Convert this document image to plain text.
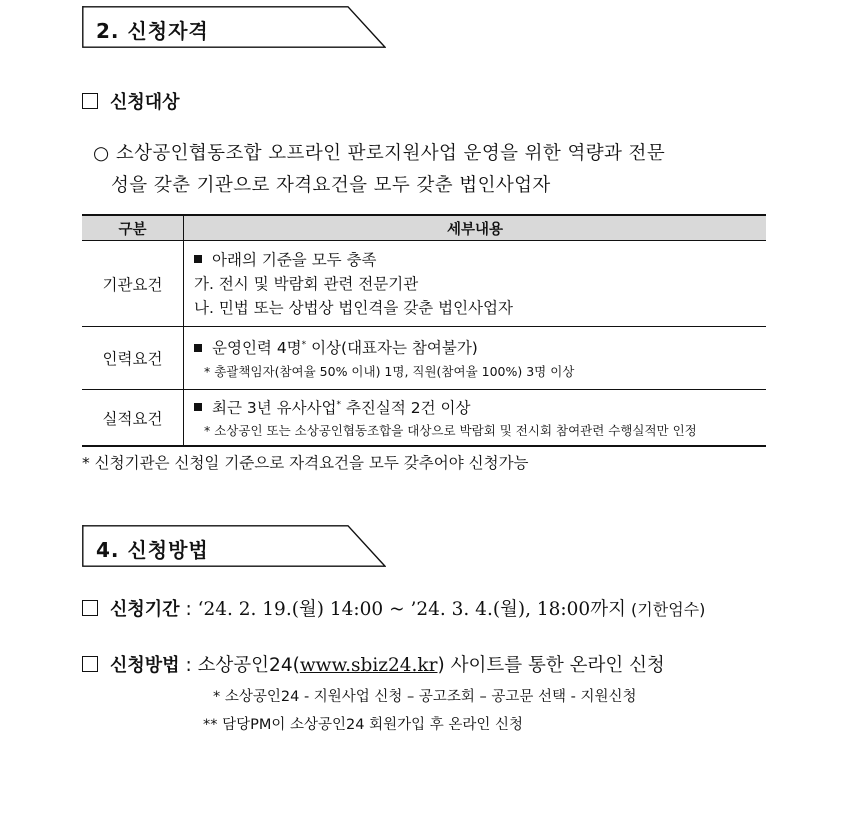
2. 신청자격
신청대상
○ 소상공인협동조합 오프라인 판로지원사업 운영을 위한 역량과 전문
성을 갖춘 기관으로 자격요건을 모두 갖춘 법인사업자
구분	세부내용
기관요건	아래의 기준을 모두 충족
가. 전시 및 박람회 관련 전문기관
나. 민법 또는 상법상 법인격을 갖춘 법인사업자

인력요건	운영인력 4명* 이상(대표자는 참여불가)
* 총괄책임자(참여율 50% 이내) 1명, 직원(참여율 100%) 3명 이상

실적요건	최근 3년 유사사업* 추진실적 2건 이상
* 소상공인 또는 소상공인협동조합을 대상으로 박람회 및 전시회 참여관련 수행실적만 인정
* 신청기관은 신청일 기준으로 자격요건을 모두 갖추어야 신청가능
4. 신청방법
신청기간 : ‘24. 2. 19.(월) 14:00 ~ ’24. 3. 4.(월), 18:00까지 (기한엄수)
신청방법 : 소상공인24(www.sbiz24.kr) 사이트를 통한 온라인 신청
* 소상공인24 - 지원사업 신청 – 공고조회 – 공고문 선택 - 지원신청
** 담당PM이 소상공인24 회원가입 후 온라인 신청
